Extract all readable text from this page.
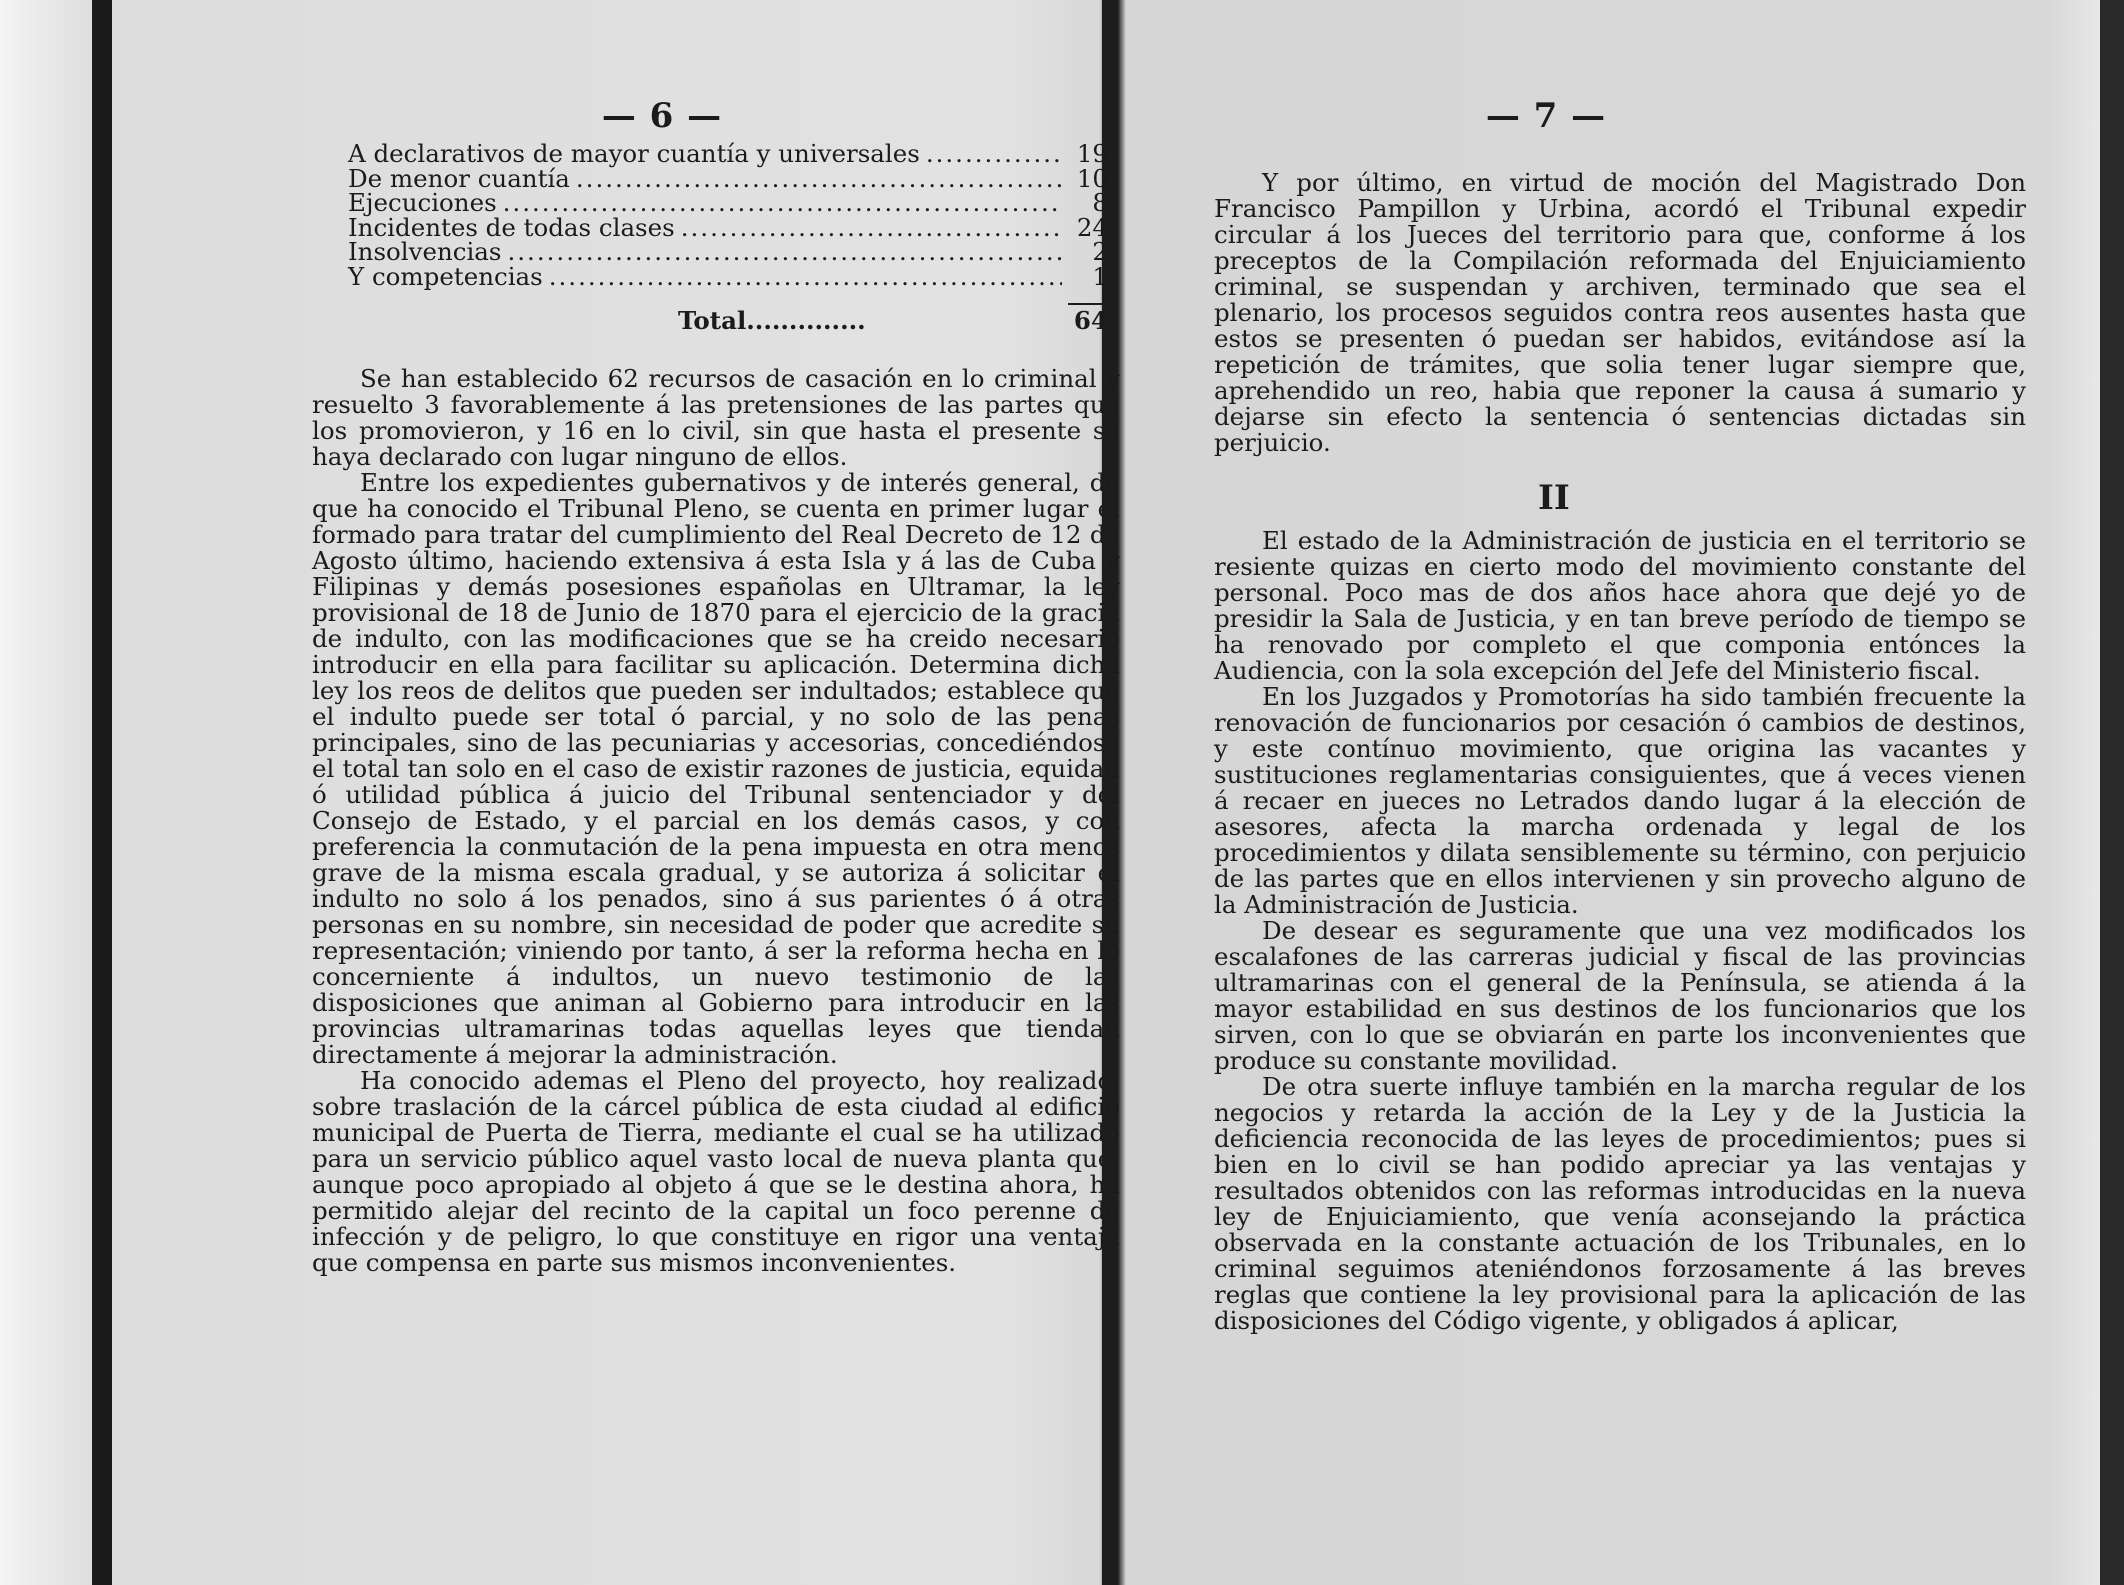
— 6 —
A declarativos de mayor cuantía y universales .....	19
De menor cuantía .....	10
Ejecuciones .....	8
Incidentes de todas clases .....	24
Insolvencias .....	2
Y competencias .....	1
Total..............	64

Se han establecido 62 recursos de casación en lo criminal y resuelto 3 favorablemente á las pretensiones de las partes que los promovieron, y 16 en lo civil, sin que hasta el presente se haya declarado con lugar ninguno de ellos.

Entre los expedientes gubernativos y de interés general, de que ha conocido el Tribunal Pleno, se cuenta en primer lugar el formado para tratar del cumplimiento del Real Decreto de 12 de Agosto último, haciendo extensiva á esta Isla y á las de Cuba y Filipinas y demás posesiones españolas en Ultramar, la ley provisional de 18 de Junio de 1870 para el ejercicio de la gracia de indulto, con las modificaciones que se ha creido necesario introducir en ella para facilitar su aplicación. Determina dicha ley los reos de delitos que pueden ser indultados; establece que el indulto puede ser total ó parcial, y no solo de las penas principales, sino de las pecuniarias y accesorias, concediéndose el total tan solo en el caso de existir razones de justicia, equidad ó utilidad pública á juicio del Tribunal sentenciador y del Consejo de Estado, y el parcial en los demás casos, y con preferencia la conmutación de la pena impuesta en otra menos grave de la misma escala gradual, y se autoriza á solicitar el indulto no solo á los penados, sino á sus parientes ó á otras personas en su nombre, sin necesidad de poder que acredite su representación; viniendo por tanto, á ser la reforma hecha en lo concerniente á indultos, un nuevo testimonio de las disposiciones que animan al Gobierno para introducir en las provincias ultramarinas todas aquellas leyes que tiendan directamente á mejorar la administración.

Ha conocido ademas el Pleno del proyecto, hoy realizado, sobre traslación de la cárcel pública de esta ciudad al edificio municipal de Puerta de Tierra, mediante el cual se ha utilizado para un servicio público aquel vasto local de nueva planta que, aunque poco apropiado al objeto á que se le destina ahora, ha permitido alejar del recinto de la capital un foco perenne de infección y de peligro, lo que constituye en rigor una ventaja que compensa en parte sus mismos inconvenientes.

— 7 —

Y por último, en virtud de moción del Magistrado Don Francisco Pampillon y Urbina, acordó el Tribunal expedir circular á los Jueces del territorio para que, conforme á los preceptos de la Compilación reformada del Enjuiciamiento criminal, se suspendan y archiven, terminado que sea el plenario, los procesos seguidos contra reos ausentes hasta que estos se presenten ó puedan ser habidos, evitándose así la repetición de trámites, que solia tener lugar siempre que, aprehendido un reo, habia que reponer la causa á sumario y dejarse sin efecto la sentencia ó sentencias dictadas sin perjuicio.

II

El estado de la Administración de justicia en el territorio se resiente quizas en cierto modo del movimiento constante del personal. Poco mas de dos años hace ahora que dejé yo de presidir la Sala de Justicia, y en tan breve período de tiempo se ha renovado por completo el que componia entónces la Audiencia, con la sola excepción del Jefe del Ministerio fiscal.

En los Juzgados y Promotorías ha sido también frecuente la renovación de funcionarios por cesación ó cambios de destinos, y este contínuo movimiento, que origina las vacantes y sustituciones reglamentarias consiguientes, que á veces vienen á recaer en jueces no Letrados dando lugar á la elección de asesores, afecta la marcha ordenada y legal de los procedimientos y dilata sensiblemente su término, con perjuicio de las partes que en ellos intervienen y sin provecho alguno de la Administración de Justicia.

De desear es seguramente que una vez modificados los escalafones de las carreras judicial y fiscal de las provincias ultramarinas con el general de la Península, se atienda á la mayor estabilidad en sus destinos de los funcionarios que los sirven, con lo que se obviarán en parte los inconvenientes que produce su constante movilidad.

De otra suerte influye también en la marcha regular de los negocios y retarda la acción de la Ley y de la Justicia la deficiencia reconocida de las leyes de procedimientos; pues si bien en lo civil se han podido apreciar ya las ventajas y resultados obtenidos con las reformas introducidas en la nueva ley de Enjuiciamiento, que venía aconsejando la práctica observada en la constante actuación de los Tribunales, en lo criminal seguimos ateniéndonos forzosamente á las breves reglas que contiene la ley provisional para la aplicación de las disposiciones del Código vigente, y obligados á aplicar,
